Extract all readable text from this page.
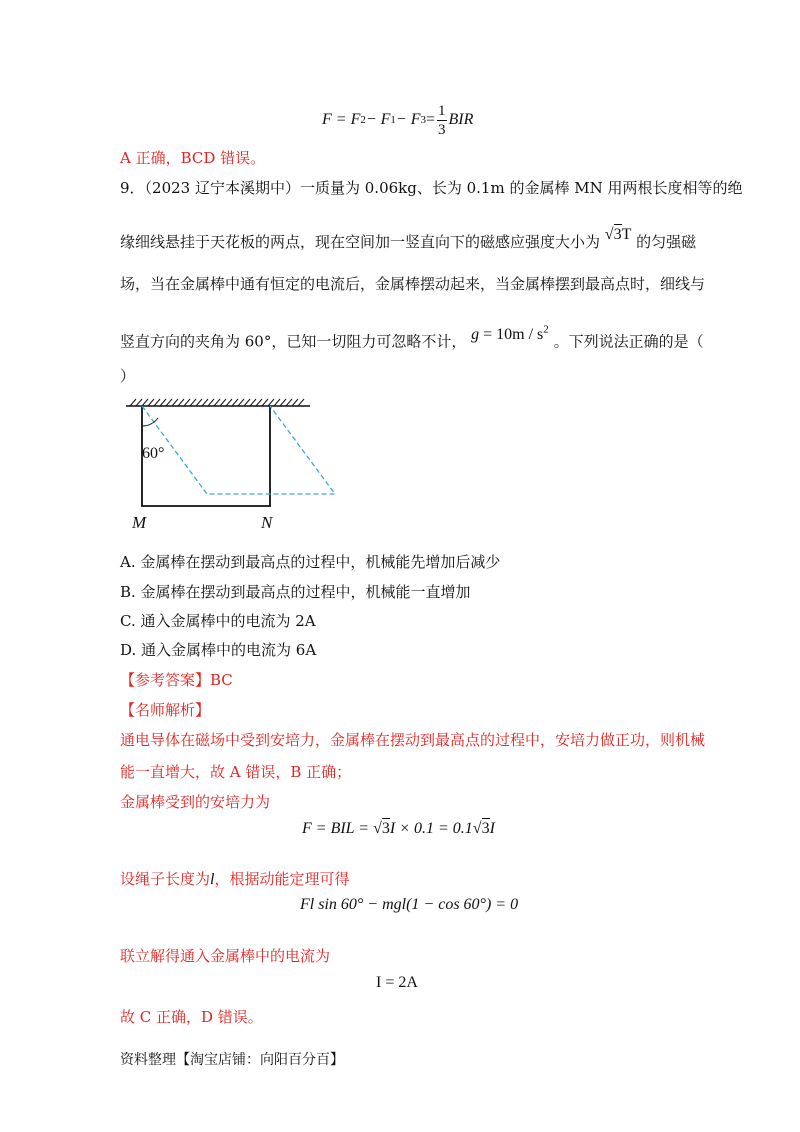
F = F 2 − F 1 − F $3 = \frac{1}{3}$ BIR
A 正确，BCD 错误。
9．（2023 辽宁本溪期中）一质量为 0.06kg、长为 0.1m 的金属棒 MN 用两根长度相等的绝
缘细线悬挂于天花板的两点，现在空间加一竖直向下的磁感应强度大小为 √3T 的匀强磁
场，当在金属棒中通有恒定的电流后，金属棒摆动起来，当金属棒摆到最高点时，细线与
竖直方向的夹角为 60°，已知一切阻力可忽略不计， $g = 10m / s^2$ 。下列说法正确的是（
）
60°
M	N
A. 金属棒在摆动到最高点的过程中，机械能先增加后减少
B. 金属棒在摆动到最高点的过程中，机械能一直增加
C. 通入金属棒中的电流为 2A
D. 通入金属棒中的电流为 6A
【参考答案】BC
【名师解析】
通电导体在磁场中受到安培力，金属棒在摆动到最高点的过程中，安培力做正功，则机械
能一直增大，故 A 错误，B 正确；
金属棒受到的安培力为
F = BIL = √3I × 0.1 = 0.1√3I
设绳子长度为l，根据动能定理可得
Fl sin 60° − mgl(1 − cos 60°) = 0
联立解得通入金属棒中的电流为
I = 2A
故 C 正确，D 错误。
资料整理【淘宝店铺：向阳百分百】
